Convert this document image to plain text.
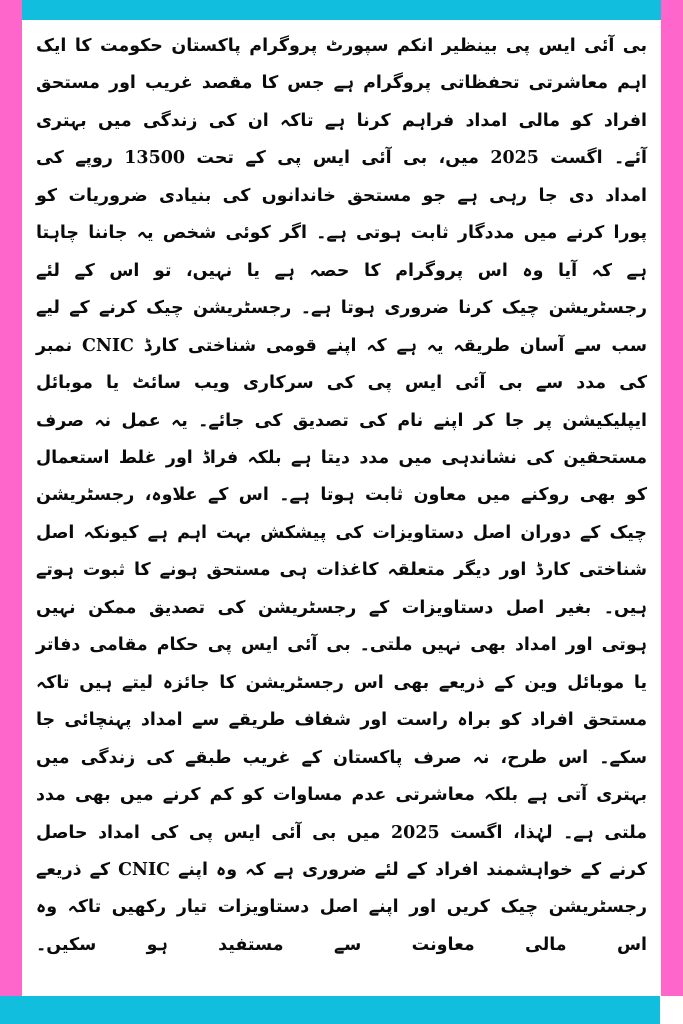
بی آئی ایس پی بینظیر انکم سپورٹ پروگرام پاکستان حکومت کا ایک اہم معاشرتی تحفظاتی پروگرام ہے جس کا مقصد غریب اور مستحق افراد کو مالی امداد فراہم کرنا ہے تاکہ ان کی زندگی میں بہتری آئے۔ اگست 2025 میں، بی آئی ایس پی کے تحت 13500 روپے کی امداد دی جا رہی ہے جو مستحق خاندانوں کی بنیادی ضروریات کو پورا کرنے میں مددگار ثابت ہوتی ہے۔ اگر کوئی شخص یہ جاننا چاہتا ہے کہ آیا وہ اس پروگرام کا حصہ ہے یا نہیں، تو اس کے لئے رجسٹریشن چیک کرنا ضروری ہوتا ہے۔ رجسٹریشن چیک کرنے کے لیے سب سے آسان طریقہ یہ ہے کہ اپنے قومی شناختی کارڈ CNIC نمبر کی مدد سے بی آئی ایس پی کی سرکاری ویب سائٹ یا موبائل ایپلیکیشن پر جا کر اپنے نام کی تصدیق کی جائے۔ یہ عمل نہ صرف مستحقین کی نشاندہی میں مدد دیتا ہے بلکہ فراڈ اور غلط استعمال کو بھی روکنے میں معاون ثابت ہوتا ہے۔ اس کے علاوہ، رجسٹریشن چیک کے دوران اصل دستاویزات کی پیشکش بہت اہم ہے کیونکہ اصل شناختی کارڈ اور دیگر متعلقہ کاغذات ہی مستحق ہونے کا ثبوت ہوتے ہیں۔ بغیر اصل دستاویزات کے رجسٹریشن کی تصدیق ممکن نہیں ہوتی اور امداد بھی نہیں ملتی۔ بی آئی ایس پی حکام مقامی دفاتر یا موبائل وین کے ذریعے بھی اس رجسٹریشن کا جائزہ لیتے ہیں تاکہ مستحق افراد کو براہ راست اور شفاف طریقے سے امداد پہنچائی جا سکے۔ اس طرح، نہ صرف پاکستان کے غریب طبقے کی زندگی میں بہتری آتی ہے بلکہ معاشرتی عدم مساوات کو کم کرنے میں بھی مدد ملتی ہے۔ لہٰذا، اگست 2025 میں بی آئی ایس پی کی امداد حاصل کرنے کے خواہشمند افراد کے لئے ضروری ہے کہ وہ اپنے CNIC کے ذریعے رجسٹریشن چیک کریں اور اپنے اصل دستاویزات تیار رکھیں تاکہ وہ اس مالی معاونت سے مستفید ہو سکیں۔
